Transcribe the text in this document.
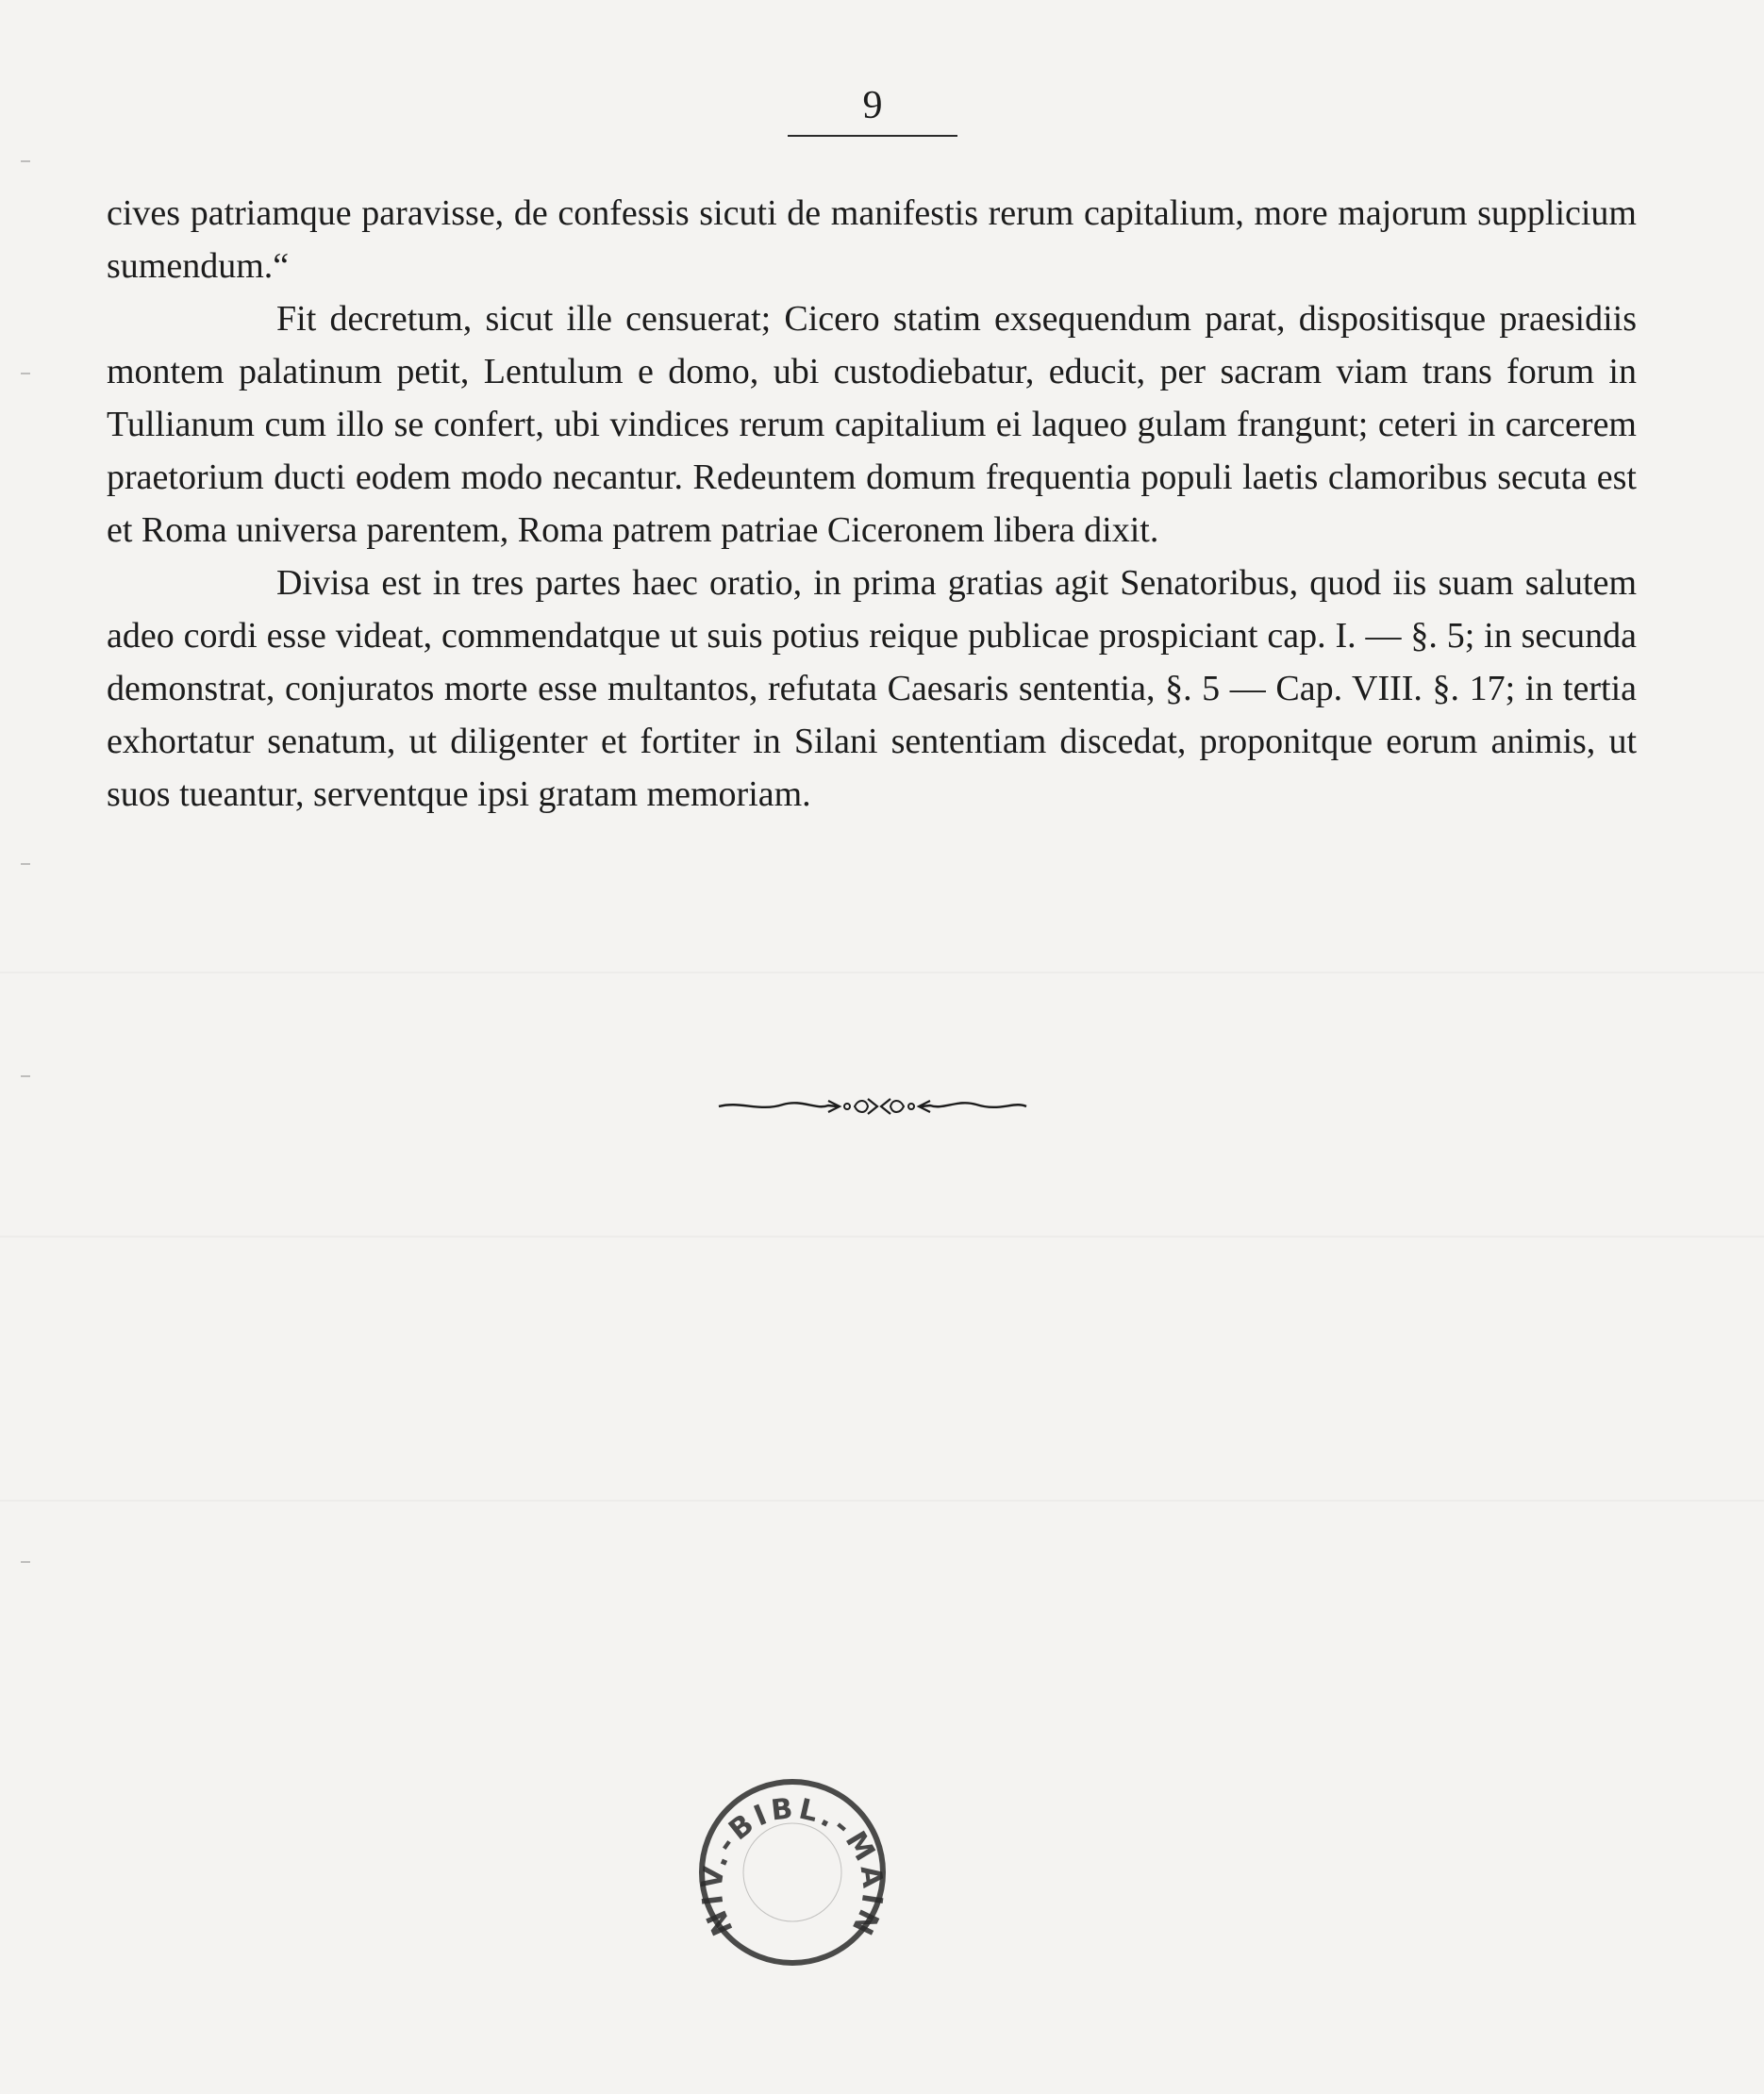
9

cives patriamque paravisse, de confessis sicuti de manifestis rerum capitalium, more majorum supplicium sumendum.“

Fit decretum, sicut ille censuerat; Cicero statim exsequendum parat, dispositisque praesidiis montem palatinum petit, Lentulum e domo, ubi custodiebatur, educit, per sacram viam trans forum in Tullianum cum illo se confert, ubi vindices rerum capitalium ei laqueo gulam frangunt; ceteri in carcerem praetorium ducti eodem modo necantur. Redeuntem domum frequentia populi laetis clamoribus secuta est et Roma universa parentem, Roma patrem patriae Ciceronem libera dixit.

Divisa est in tres partes haec oratio, in prima gratias agit Senatoribus, quod iis suam salutem adeo cordi esse videat, commendatque ut suis potius reique publicae prospiciant cap. I. — §. 5; in secunda demonstrat, conjuratos morte esse multantos, refutata Caesaris sententia, §. 5 — Cap. VIII. §. 17; in tertia exhortatur senatum, ut diligenter et fortiter in Silani sententiam discedat, proponitque eorum animis, ut suos tueantur, serventque ipsi gratam memoriam.

NIV.-BIBL.-MAIN
